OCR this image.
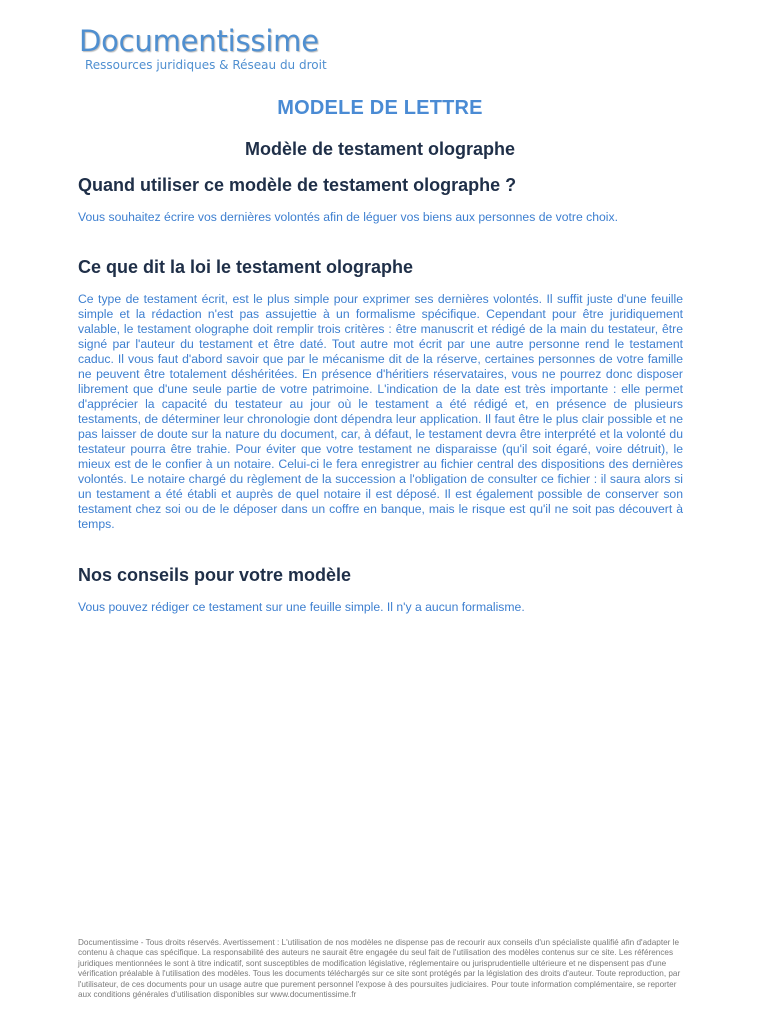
Documentissime
Ressources juridiques & Réseau du droit
MODELE DE LETTRE
Modèle de testament olographe
Quand utiliser ce modèle de testament olographe ?

Vous souhaitez écrire vos dernières volontés afin de léguer vos biens aux personnes de votre choix.

Ce que dit la loi le testament olographe

Ce type de testament écrit, est le plus simple pour exprimer ses dernières volontés. Il suffit juste d'une feuille simple et la rédaction n'est pas assujettie à un formalisme spécifique. Cependant pour être juridiquement valable, le testament olographe doit remplir trois critères : être manuscrit et rédigé de la main du testateur, être signé par l'auteur du testament et être daté. Tout autre mot écrit par une autre personne rend le testament caduc. Il vous faut d'abord savoir que par le mécanisme dit de la réserve, certaines personnes de votre famille ne peuvent être totalement déshéritées. En présence d'héritiers réservataires, vous ne pourrez donc disposer librement que d'une seule partie de votre patrimoine. L'indication de la date est très importante : elle permet d'apprécier la capacité du testateur au jour où le testament a été rédigé et, en présence de plusieurs testaments, de déterminer leur chronologie dont dépendra leur application. Il faut être le plus clair possible et ne pas laisser de doute sur la nature du document, car, à défaut, le testament devra être interprété et la volonté du testateur pourra être trahie. Pour éviter que votre testament ne disparaisse (qu'il soit égaré, voire détruit), le mieux est de le confier à un notaire. Celui-ci le fera enregistrer au fichier central des dispositions des dernières volontés. Le notaire chargé du règlement de la succession a l'obligation de consulter ce fichier : il saura alors si un testament a été établi et auprès de quel notaire il est déposé. Il est également possible de conserver son testament chez soi ou de le déposer dans un coffre en banque, mais le risque est qu'il ne soit pas découvert à temps.

Nos conseils pour votre modèle

Vous pouvez rédiger ce testament sur une feuille simple. Il n'y a aucun formalisme.

Documentissime - Tous droits réservés. Avertissement : L'utilisation de nos modèles ne dispense pas de recourir aux conseils d'un spécialiste qualifié afin d'adapter le contenu à chaque cas spécifique. La responsabilité des auteurs ne saurait être engagée du seul fait de l'utilisation des modèles contenus sur ce site. Les références juridiques mentionnées le sont à titre indicatif, sont susceptibles de modification législative, réglementaire ou jurisprudentielle ultérieure et ne dispensent pas d'une vérification préalable à l'utilisation des modèles. Tous les documents téléchargés sur ce site sont protégés par la législation des droits d'auteur. Toute reproduction, par l'utilisateur, de ces documents pour un usage autre que purement personnel l'expose à des poursuites judiciaires. Pour toute information complémentaire, se reporter aux conditions générales d'utilisation disponibles sur www.documentissime.fr
